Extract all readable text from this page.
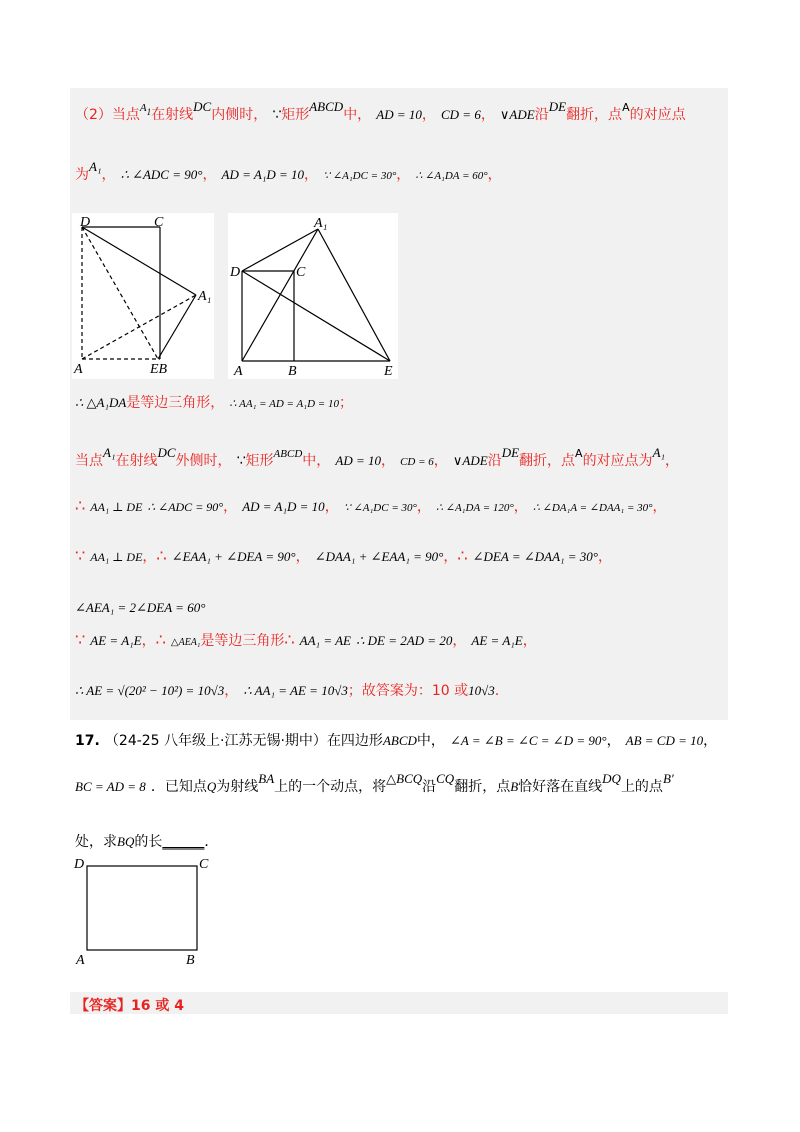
（2）当点$^{A1}$在射线$^{DC}$内侧时， ∵矩形$^{ABCD}$中， AD = 10， CD = 6， ∨ADE沿$^{DE}$翻折，点$^A$的对应点
为$^{A_1}$， ∴ ∠ADC = 90°， AD = A₁D = 10， ∵ ∠A₁DC = 30°， ∴ ∠A₁DA = 60°，
D	C
A₁
A	EB
A₁
D	C
A	B	E
∴ △A₁DA是等边三角形， ∴ AA₁ = AD = A₁D = 10；
当点$^{A_1}$在射线$^{DC}$外侧时， ∵矩形$^{ABCD}$中， AD = 10， CD = 6， ∨ADE沿$^{DE}$翻折，点$^A$的对应点为$^{A_1}$，
∴ AA₁ ⊥ DE ∴ ∠ADC = 90°， AD = A₁D = 10， ∵ ∠A₁DC = 30°， ∴ ∠A₁DA = 120°， ∴ ∠DA₁A = ∠DAA₁ = 30°，
∵ AA₁ ⊥ DE，∴ ∠EAA₁ + ∠DEA = 90°， ∠DAA₁ + ∠EAA₁ = 90°，∴ ∠DEA = ∠DAA₁ = 30°，
∠AEA₁ = 2∠DEA = 60°
∵ AE = A₁E，∴ △AEA₁是等边三角形∴ AA₁ = AE ∴ DE = 2AD = 20， AE = A₁E，
∴ AE = √(20² − 10²) = 10√3， ∴ AA₁ = AE = 10√3；故答案为：10 或10√3.
17. （24-25 八年级上·江苏无锡·期中）在四边形ABCD中， ∠A = ∠B = ∠C = ∠D = 90°， AB = CD = 10，
BC = AD = 8 ．已知点Q为射线$^{BA}$上的一个动点，将$^{\triangle BCQ}$沿$^{CQ}$翻折，点B恰好落在直线$^{DQ}$上的点$^{B'}$
处，求BQ的长______．
D	C
A	B
【答案】16 或 4
